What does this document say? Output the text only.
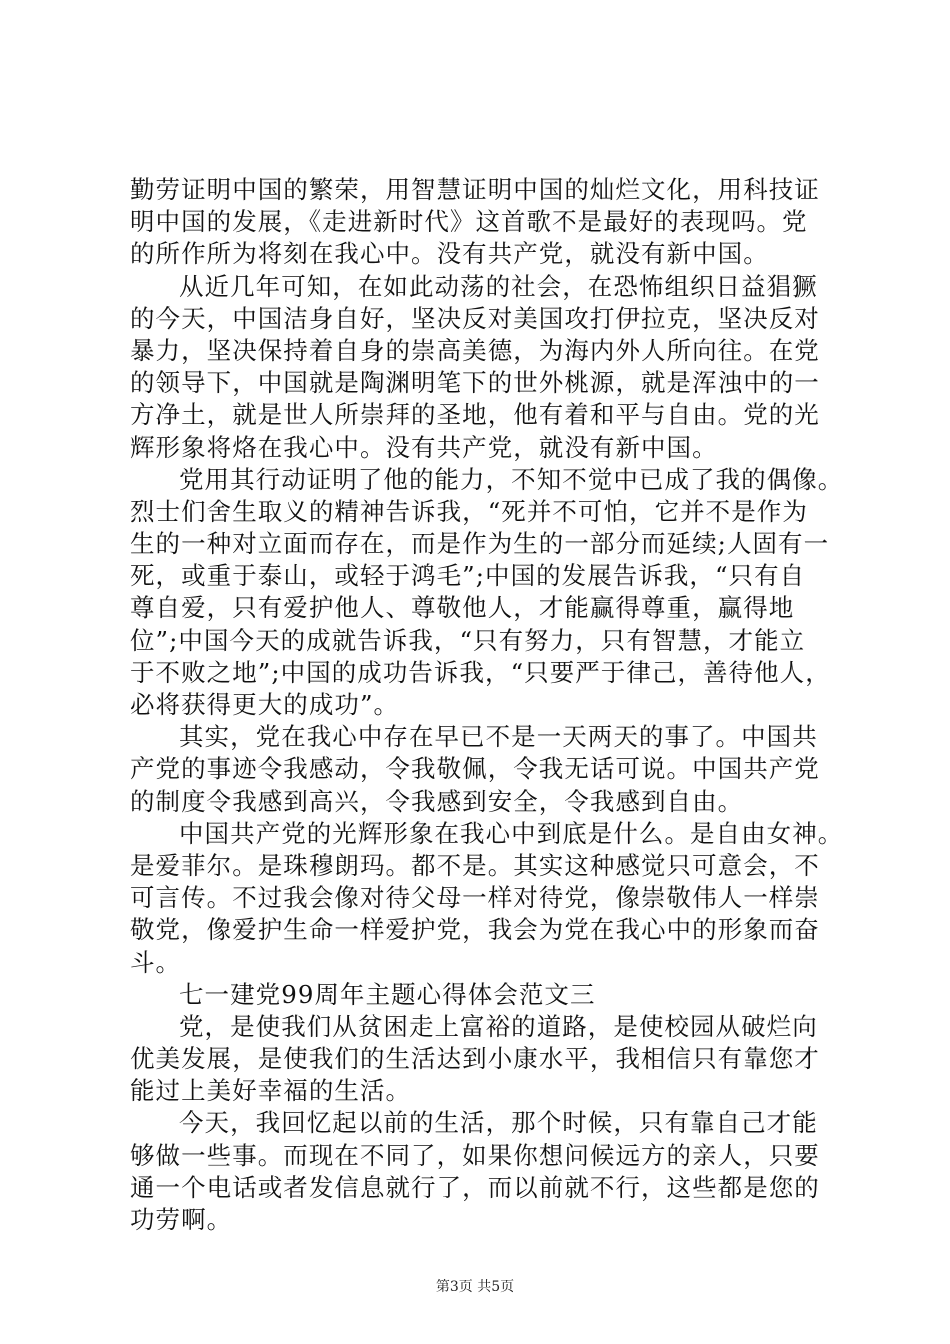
勤劳证明中国的繁荣，用智慧证明中国的灿烂文化，用科技证
明中国的发展，《走进新时代》这首歌不是最好的表现吗。党
的所作所为将刻在我心中。没有共产党，就没有新中国。
从近几年可知，在如此动荡的社会，在恐怖组织日益猖獗
的今天，中国洁身自好，坚决反对美国攻打伊拉克，坚决反对
暴力，坚决保持着自身的崇高美德，为海内外人所向往。在党
的领导下，中国就是陶渊明笔下的世外桃源，就是浑浊中的一
方净土，就是世人所崇拜的圣地，他有着和平与自由。党的光
辉形象将烙在我心中。没有共产党，就没有新中国。
党用其行动证明了他的能力，不知不觉中已成了我的偶像。
烈士们舍生取义的精神告诉我，“死并不可怕，它并不是作为
生的一种对立面而存在，而是作为生的一部分而延续;人固有一
死，或重于泰山，或轻于鸿毛”;中国的发展告诉我，“只有自
尊自爱，只有爱护他人、尊敬他人，才能赢得尊重，赢得地
位”;中国今天的成就告诉我，“只有努力，只有智慧，才能立
于不败之地”;中国的成功告诉我，“只要严于律己，善待他人，
必将获得更大的成功”。
其实，党在我心中存在早已不是一天两天的事了。中国共
产党的事迹令我感动，令我敬佩，令我无话可说。中国共产党
的制度令我感到高兴，令我感到安全，令我感到自由。
中国共产党的光辉形象在我心中到底是什么。是自由女神。
是爱菲尔。是珠穆朗玛。都不是。其实这种感觉只可意会，不
可言传。不过我会像对待父母一样对待党，像崇敬伟人一样崇
敬党，像爱护生命一样爱护党，我会为党在我心中的形象而奋
斗。
七一建党99周年主题心得体会范文三
党，是使我们从贫困走上富裕的道路，是使校园从破烂向
优美发展，是使我们的生活达到小康水平，我相信只有靠您才
能过上美好幸福的生活。
今天，我回忆起以前的生活，那个时候，只有靠自己才能
够做一些事。而现在不同了，如果你想问候远方的亲人，只要
通一个电话或者发信息就行了，而以前就不行，这些都是您的
功劳啊。
第3页 共5页
